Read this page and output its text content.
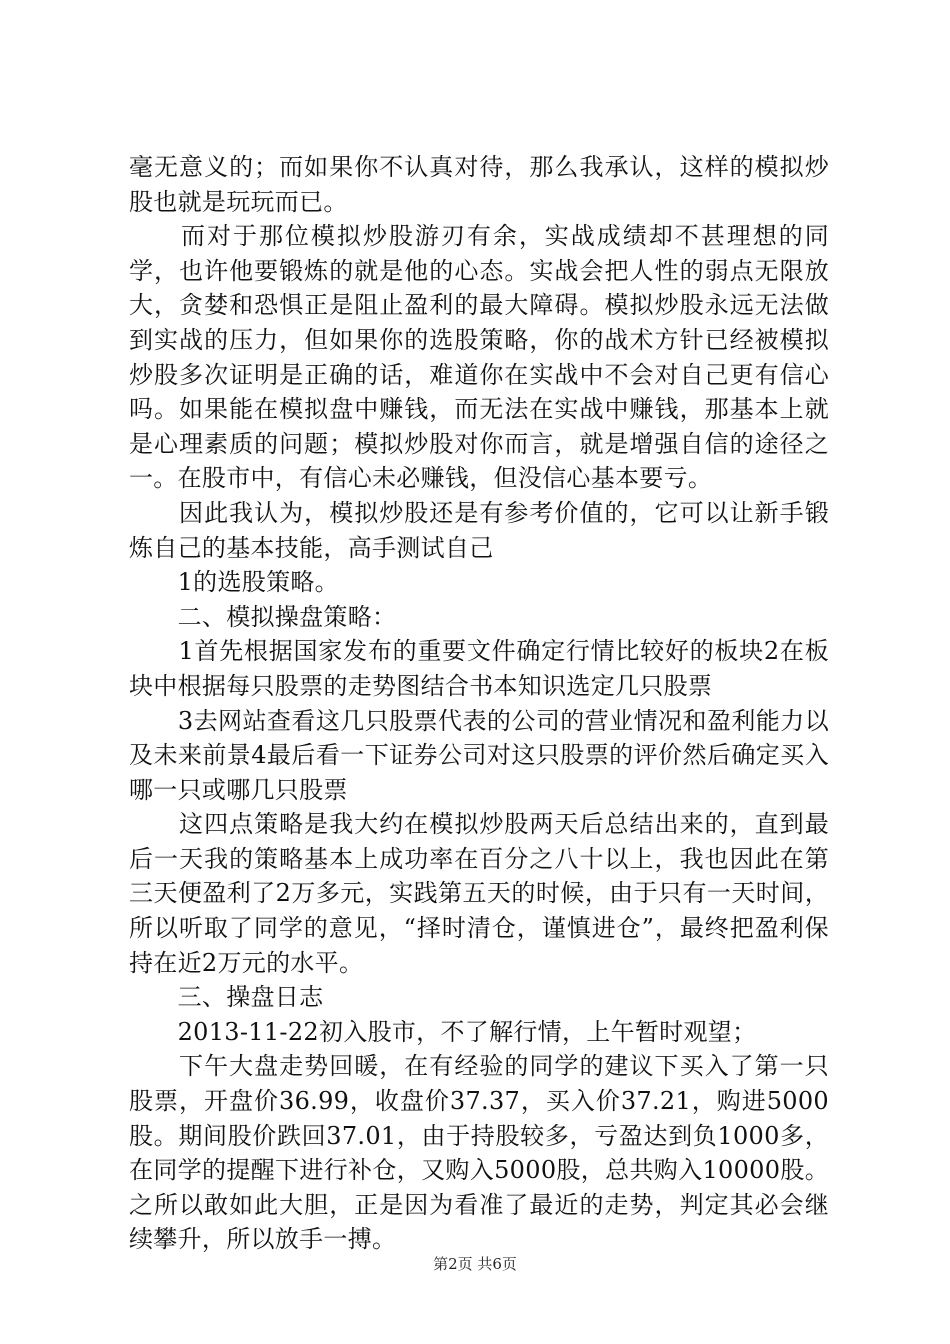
毫无意义的；而如果你不认真对待，那么我承认，这样的模拟炒股也就是玩玩而已。

　　而对于那位模拟炒股游刃有余，实战成绩却不甚理想的同学，也许他要锻炼的就是他的心态。实战会把人性的弱点无限放大，贪婪和恐惧正是阻止盈利的最大障碍。模拟炒股永远无法做到实战的压力，但如果你的选股策略，你的战术方针已经被模拟炒股多次证明是正确的话，难道你在实战中不会对自己更有信心吗。如果能在模拟盘中赚钱，而无法在实战中赚钱，那基本上就是心理素质的问题；模拟炒股对你而言，就是增强自信的途径之一。在股市中，有信心未必赚钱，但没信心基本要亏。

　　因此我认为，模拟炒股还是有参考价值的，它可以让新手锻炼自己的基本技能，高手测试自己

　　1的选股策略。

　　二、模拟操盘策略：

　　1首先根据国家发布的重要文件确定行情比较好的板块2在板块中根据每只股票的走势图结合书本知识选定几只股票

　　3去网站查看这几只股票代表的公司的营业情况和盈利能力以及未来前景4最后看一下证券公司对这只股票的评价然后确定买入哪一只或哪几只股票

　　这四点策略是我大约在模拟炒股两天后总结出来的，直到最后一天我的策略基本上成功率在百分之八十以上，我也因此在第三天便盈利了2万多元，实践第五天的时候，由于只有一天时间，所以听取了同学的意见，“择时清仓，谨慎进仓”，最终把盈利保持在近2万元的水平。

　　三、操盘日志

　　2013-11-22初入股市，不了解行情，上午暂时观望；

　　下午大盘走势回暖，在有经验的同学的建议下买入了第一只股票，开盘价36.99，收盘价37.37，买入价37.21，购进5000股。期间股价跌回37.01，由于持股较多，亏盈达到负1000多，在同学的提醒下进行补仓，又购入5000股，总共购入10000股。之所以敢如此大胆，正是因为看准了最近的走势，判定其必会继续攀升，所以放手一搏。

第2页 共6页
